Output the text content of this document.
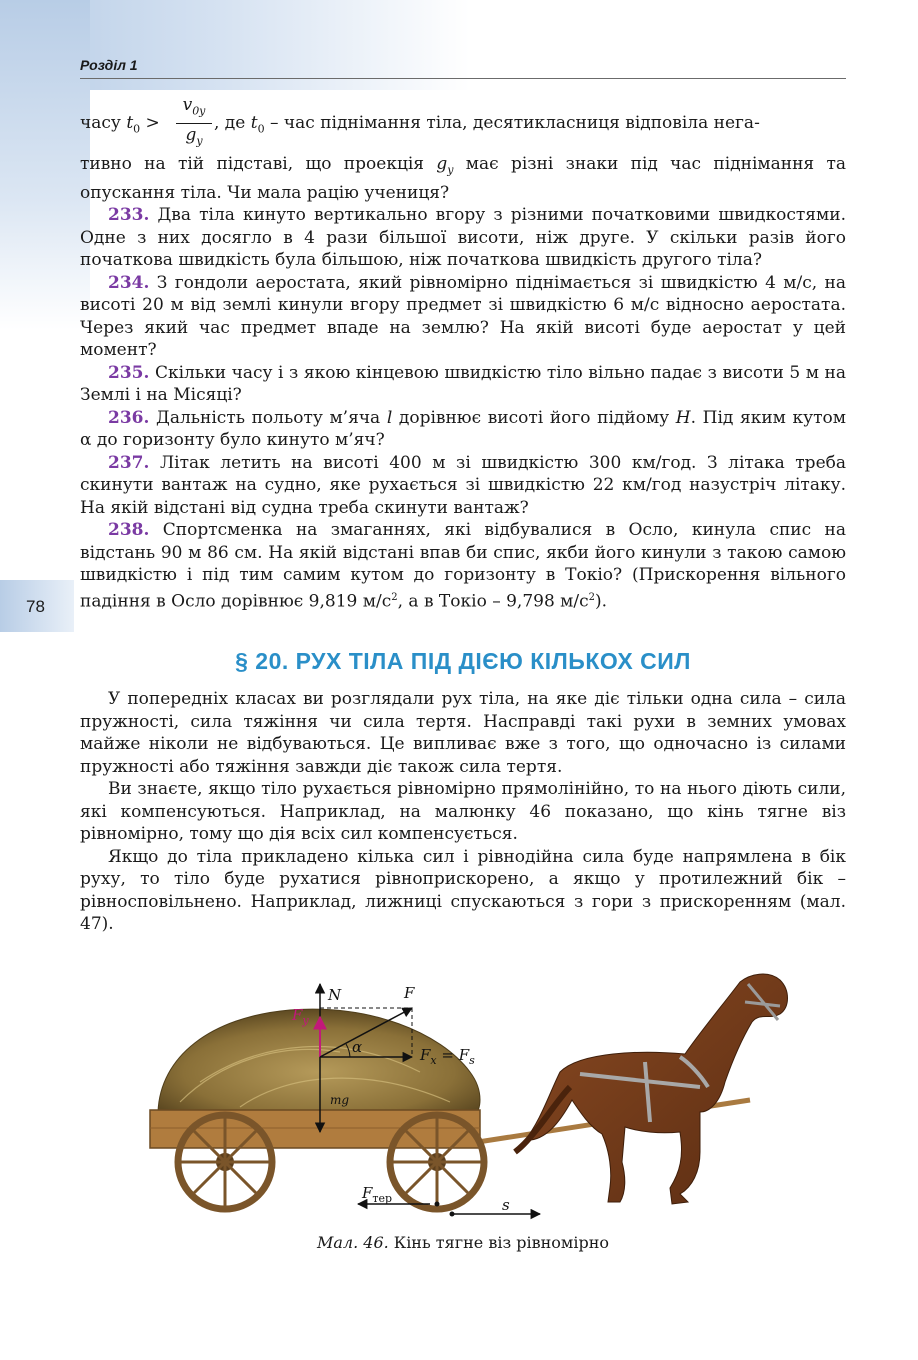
Розділ 1
78
часу $t_0$ >
$v_{0y}$
$g_y$
, де $t_0$ – час піднімання тіла, десятикласниця відповіла нега-

тивно на тій підставі, що проекція $g_y$ має різні знаки під час піднімання та опускання тіла. Чи мала рацію учениця?

233. Два тіла кинуто вертикально вгору з різними початковими швидкостями. Одне з них досягло в 4 рази більшої висоти, ніж друге. У скільки разів його початкова швидкість була більшою, ніж початкова швидкість другого тіла?

234. З гондоли аеростата, який рівномірно піднімається зі швидкістю 4 м/с, на висоті 20 м від землі кинули вгору предмет зі швидкістю 6 м/с відносно аеростата. Через який час предмет впаде на землю? На якій висоті буде аеростат у цей момент?

235. Скільки часу і з якою кінцевою швидкістю тіло вільно падає з висоти 5 м на Землі і на Місяці?

236. Дальність польоту м’яча l дорівнює висоті його підйому H. Під яким кутом α до горизонту було кинуто м’яч?

237. Літак летить на висоті 400 м зі швидкістю 300 км/год. З літака треба скинути вантаж на судно, яке рухається зі швидкістю 22 км/год назустріч літаку. На якій відстані від судна треба скинути вантаж?

238. Спортсменка на змаганнях, які відбувалися в Осло, кинула спис на відстань 90 м 86 см. На якій відстані впав би спис, якби його кинули з такою самою швидкістю і під тим самим кутом до горизонту в Токіо? (Прискорення вільного падіння в Осло дорівнює 9,819 $м/с^2$, а в Токіо – 9,798 $м/с^2$).

§ 20. РУХ ТІЛА ПІД ДІЄЮ КІЛЬКОХ СИЛ

У попередніх класах ви розглядали рух тіла, на яке діє тільки одна сила – сила пружності, сила тяжіння чи сила тертя. Насправді такі рухи в земних умовах майже ніколи не відбуваються. Це випливає вже з того, що одночасно із силами пружності або тяжіння завжди діє також сила тертя.

Ви знаєте, якщо тіло рухається рівномірно прямолінійно, то на нього діють сили, які компенсуються. Наприклад, на малюнку 46 показано, що кінь тягне віз рівномірно, тому що дія всіх сил компенсується.

Якщо до тіла прикладено кілька сил і рівнодійна сила буде напрямлена в бік руху, то тіло буде рухатися рівноприскорено, а якщо у протилежний бік – рівносповільнено. Наприклад, лижниці спускаються з гори з прискоренням (мал. 47).

N	F
$F_y$
α	$F_x = F_s$
mg
$F_{тер}$	s
Мал. 46. Кінь тягне віз рівномірно
